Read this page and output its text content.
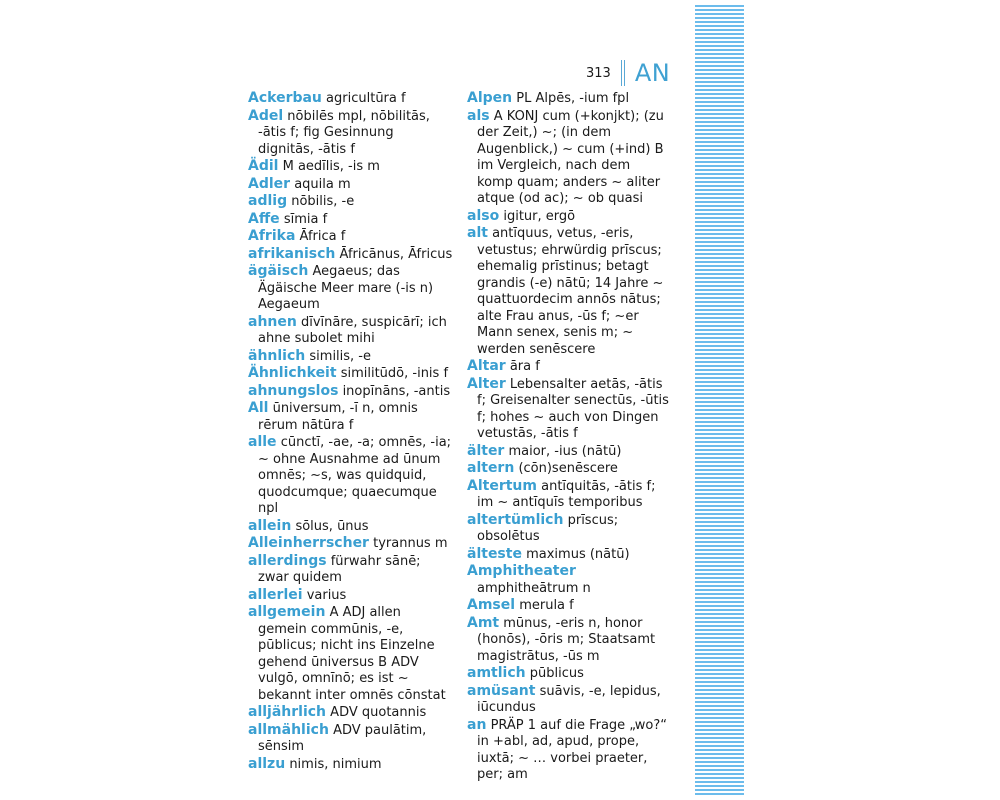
313 AN

Ackerbau agricultūra f

Adel nōbilēs mpl, nōbilitās, -ātis f; fig Gesinnung dignitās, -ātis f

Ädil M aedīlis, -is m

Adler aquila m

adlig nōbilis, -e

Affe sīmia f

Afrika Āfrica f

afrikanisch Āfricānus, Āfricus

ägäisch Aegaeus; das Ägäische Meer mare (-is n) Aegaeum

ahnen dīvīnāre, suspicārī; ich ahne subolet mihi

ähnlich similis, -e

Ähnlichkeit similitūdō, -inis f

ahnungslos inopīnāns, -antis

All ūniversum, -ī n, omnis rērum nātūra f

alle cūnctī, -ae, -a; omnēs, -ia; ~ ohne Ausnahme ad ūnum omnēs; ~s, was quidquid, quodcumque; quaecumque npl

allein sōlus, ūnus

Alleinherrscher tyrannus m

allerdings fürwahr sānē; zwar quidem

allerlei varius

allgemein A ADJ allen gemein commūnis, -e, pūblicus; nicht ins Einzelne gehend ūniversus B ADV vulgō, omnīnō; es ist ~ bekannt inter omnēs cōnstat

alljährlich ADV quotannis

allmählich ADV paulātim, sēnsim

allzu nimis, nimium

Alpen PL Alpēs, -ium fpl

als A KONJ cum (+konjkt); (zu der Zeit,) ~; (in dem Augenblick,) ~ cum (+ind) B im Vergleich, nach dem komp quam; anders ~ aliter atque (od ac); ~ ob quasi

also igitur, ergō

alt antīquus, vetus, -eris, vetustus; ehrwürdig prīscus; ehemalig prīstinus; betagt grandis (-e) nātū; 14 Jahre ~ quattuordecim annōs nātus; alte Frau anus, -ūs f; ~er Mann senex, senis m; ~ werden senēscere

Altar āra f

Alter Lebensalter aetās, -ātis f; Greisenalter senectūs, -ūtis f; hohes ~ auch von Dingen vetustās, -ātis f

älter maior, -ius (nātū)

altern (cōn)senēscere

Altertum antīquitās, -ātis f; im ~ antīquīs temporibus

altertümlich prīscus; obsolētus

älteste maximus (nātū)

Amphitheater amphitheātrum n

Amsel merula f

Amt mūnus, -eris n, honor (honōs), -ōris m; Staatsamt magistrātus, -ūs m

amtlich pūblicus

amüsant suāvis, -e, lepidus, iūcundus

an PRÄP 1 auf die Frage „wo?“ in +abl, ad, apud, prope, iuxtā; ~ … vorbei praeter, per; am
